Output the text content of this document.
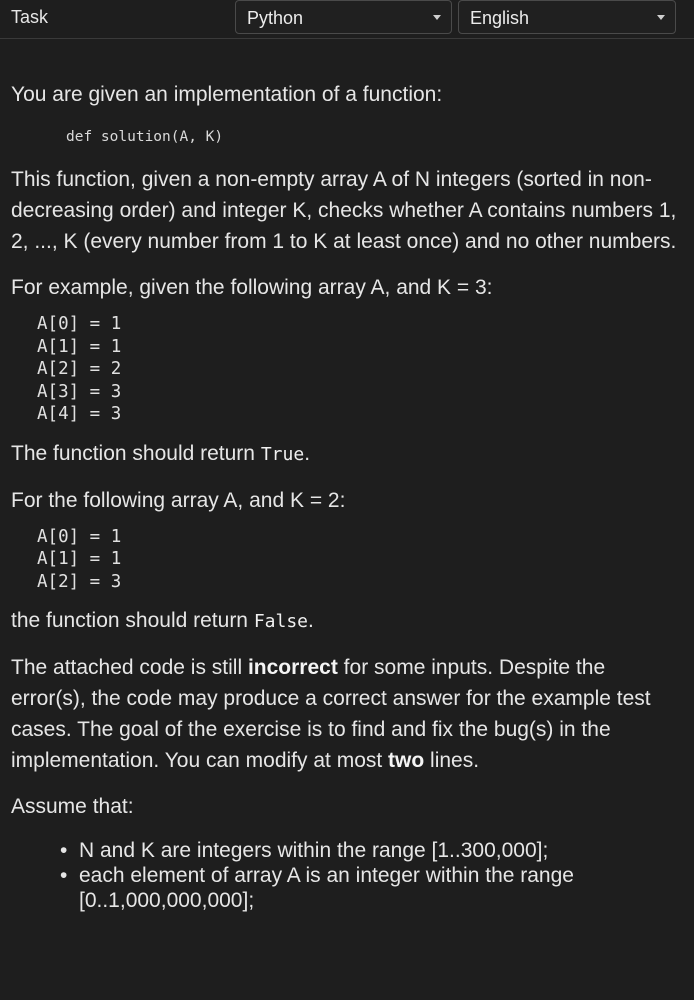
Task	Python	English

You are given an implementation of a function:

def solution(A, K)

This function, given a non-empty array A of N integers (sorted in non-decreasing order) and integer K, checks whether A contains numbers 1, 2, ..., K (every number from 1 to K at least once) and no other numbers.

For example, given the following array A, and K = 3:

A[0] = 1
A[1] = 1
A[2] = 2
A[3] = 3
A[4] = 3

The function should return True.

For the following array A, and K = 2:

A[0] = 1
A[1] = 1
A[2] = 3

the function should return False.

The attached code is still incorrect for some inputs. Despite the error(s), the code may produce a correct answer for the example test cases. The goal of the exercise is to find and fix the bug(s) in the implementation. You can modify at most two lines.

Assume that:

• N and K are integers within the range [1..300,000];
• each element of array A is an integer within the range [0..1,000,000,000];
